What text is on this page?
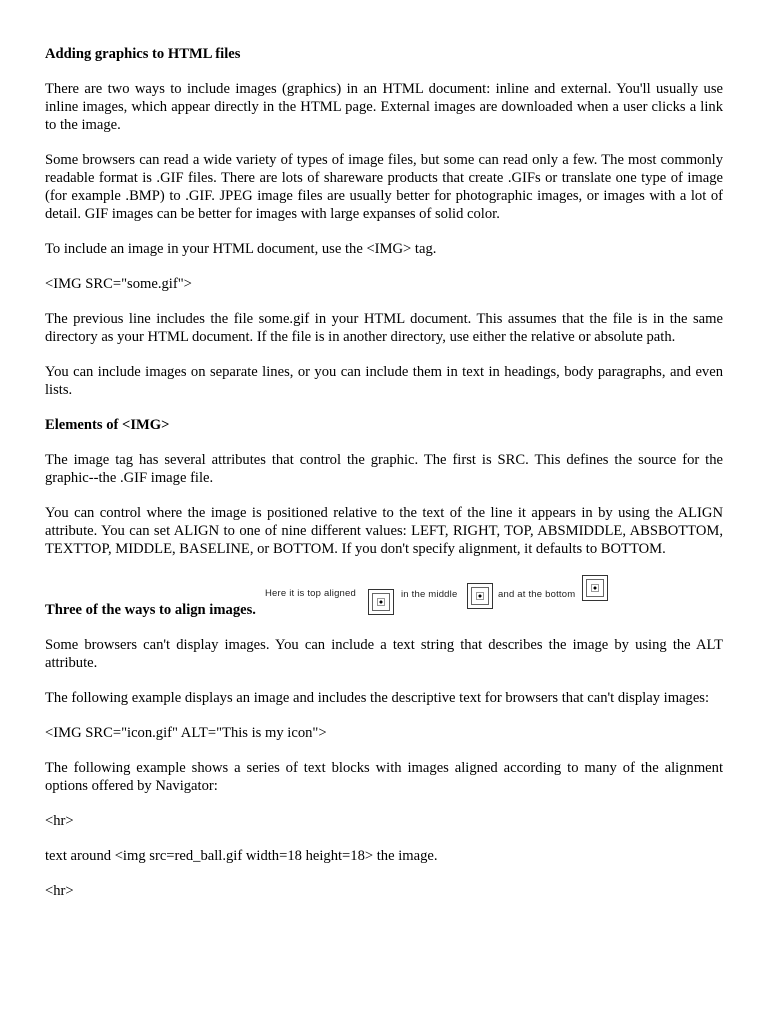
Adding graphics to HTML files

There are two ways to include images (graphics) in an HTML document: inline and external. You'll usually use inline images, which appear directly in the HTML page. External images are downloaded when a user clicks a link to the image.

Some browsers can read a wide variety of types of image files, but some can read only a few. The most commonly readable format is .GIF files. There are lots of shareware products that create .GIFs or translate one type of image (for example .BMP) to .GIF. JPEG image files are usually better for photographic images, or images with a lot of detail. GIF images can be better for images with large expanses of solid color.

To include an image in your HTML document, use the <IMG> tag.

<IMG SRC="some.gif">

The previous line includes the file some.gif in your HTML document. This assumes that the file is in the same directory as your HTML document. If the file is in another directory, use either the relative or absolute path.

You can include images on separate lines, or you can include them in text in headings, body paragraphs, and even lists.

Elements of <IMG>

The image tag has several attributes that control the graphic. The first is SRC. This defines the source for the graphic--the .GIF image file.

You can control where the image is positioned relative to the text of the line it appears in by using the ALIGN attribute. You can set ALIGN to one of nine different values: LEFT, RIGHT, TOP, ABSMIDDLE, ABSBOTTOM, TEXTTOP, MIDDLE, BASELINE, or BOTTOM. If you don't specify alignment, it defaults to BOTTOM.

Three of the ways to align images.
Here it is top aligned	in the middle	and at the bottom

Some browsers can't display images. You can include a text string that describes the image by using the ALT attribute.

The following example displays an image and includes the descriptive text for browsers that can't display images:

<IMG SRC="icon.gif" ALT="This is my icon">

The following example shows a series of text blocks with images aligned according to many of the alignment options offered by Navigator:

<hr>

text around <img src=red_ball.gif width=18 height=18> the image.

<hr>
